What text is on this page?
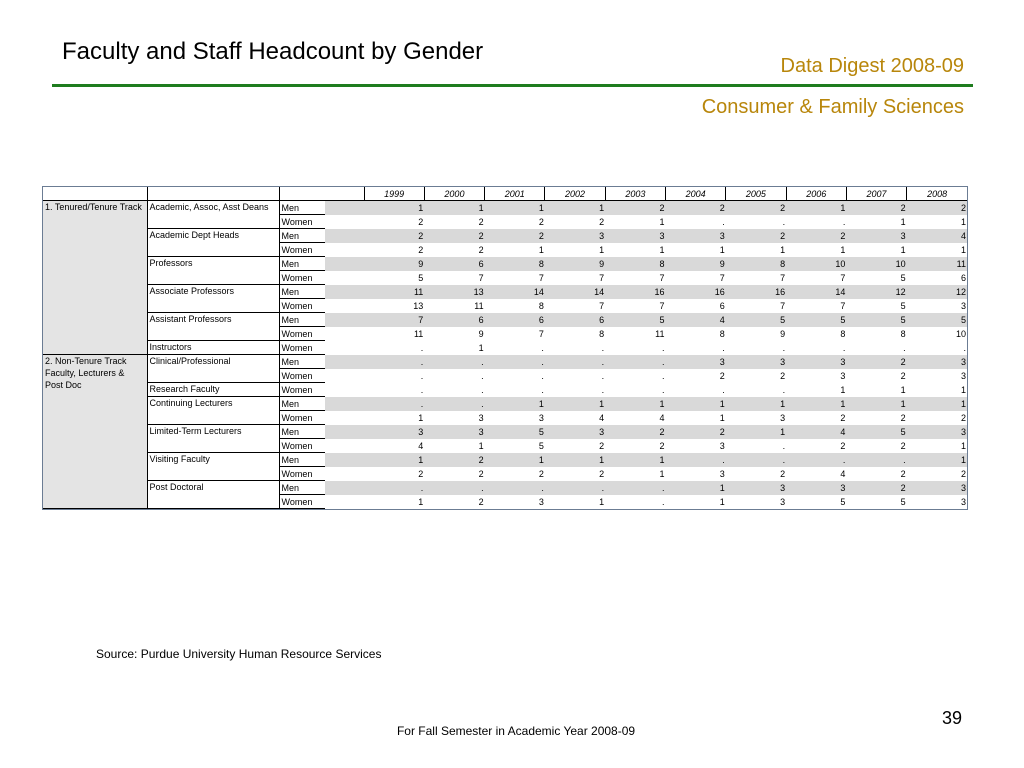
Faculty and Staff Headcount by Gender
Data Digest 2008-09
Consumer & Family Sciences
				1999	2000	2001	2002	2003	2004	2005	2006	2007	2008
1. Tenured/Tenure Track	Academic, Assoc, Asst Deans	Men		1	1	1	1	2	2	2	1	2	2
		Women		2	2	2	2	1	.	.	.	1	1
	Academic Dept Heads	Men		2	2	2	3	3	3	2	2	3	4
		Women		2	2	1	1	1	1	1	1	1	1
	Professors	Men		9	6	8	9	8	9	8	10	10	11
		Women		5	7	7	7	7	7	7	7	5	6
	Associate Professors	Men		11	13	14	14	16	16	16	14	12	12
		Women		13	11	8	7	7	6	7	7	5	3
	Assistant Professors	Men		7	6	6	6	5	4	5	5	5	5
		Women		11	9	7	8	11	8	9	8	8	10
	Instructors	Women		.	1	.	.	.	.	.	.	.	.
2. Non-Tenure Track Faculty, Lecturers & Post Doc	Clinical/Professional	Men		.	.	.	.	.	3	3	3	2	3
		Women		.	.	.	.	.	2	2	3	2	3
	Research Faculty	Women		.	.	.	.	.	.	.	1	1	1
	Continuing Lecturers	Men		.	.	1	1	1	1	1	1	1	1
		Women		1	3	3	4	4	1	3	2	2	2
	Limited-Term Lecturers	Men		3	3	5	3	2	2	1	4	5	3
		Women		4	1	5	2	2	3	.	2	2	1
	Visiting Faculty	Men		1	2	1	1	1	.	.	.	.	1
		Women		2	2	2	2	1	3	2	4	2	2
	Post Doctoral	Men		.	.	.	.	.	1	3	3	2	3
		Women		1	2	3	1	.	1	3	5	5	3
Source: Purdue University Human Resource Services
39
For Fall Semester in Academic Year 2008-09
